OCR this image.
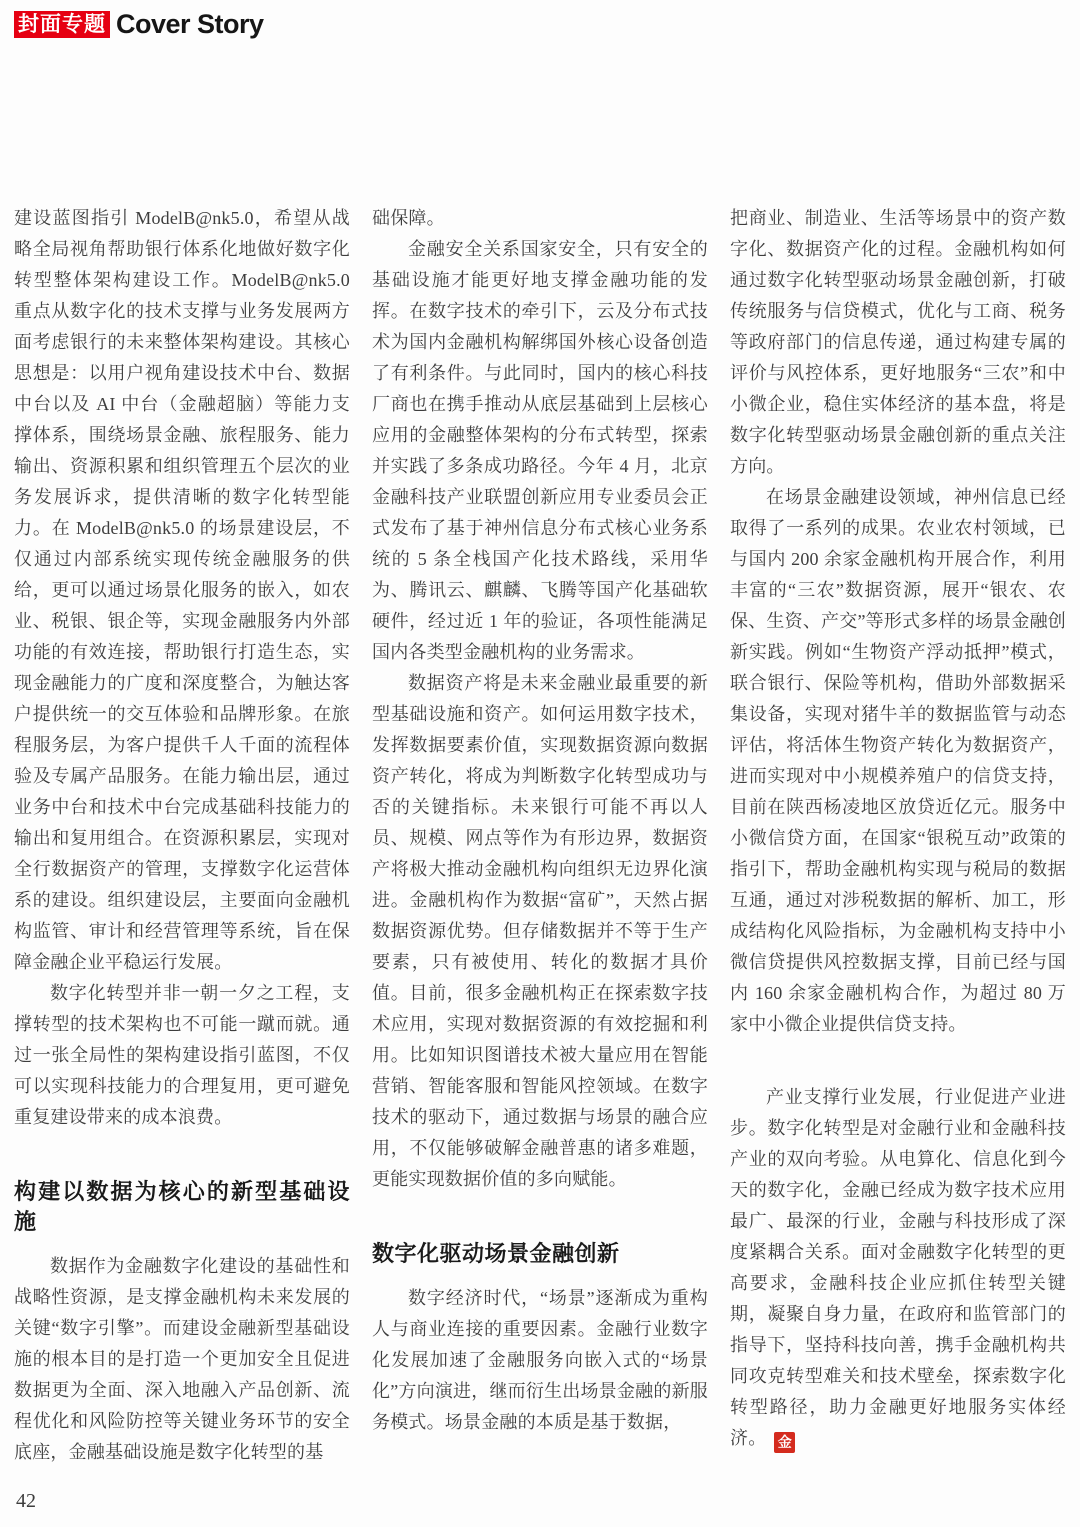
封面专题 Cover Story

建设蓝图指引 ModelB@nk5.0，希望从战略全局视角帮助银行体系化地做好数字化转型整体架构建设工作。ModelB@nk5.0 重点从数字化的技术支撑与业务发展两方面考虑银行的未来整体架构建设。其核心思想是：以用户视角建设技术中台、数据中台以及 AI 中台（金融超脑）等能力支撑体系，围绕场景金融、旅程服务、能力输出、资源积累和组织管理五个层次的业务发展诉求，提供清晰的数字化转型能力。在 ModelB@nk5.0 的场景建设层，不仅通过内部系统实现传统金融服务的供给，更可以通过场景化服务的嵌入，如农业、税银、银企等，实现金融服务内外部功能的有效连接，帮助银行打造生态，实现金融能力的广度和深度整合，为触达客户提供统一的交互体验和品牌形象。在旅程服务层，为客户提供千人千面的流程体验及专属产品服务。在能力输出层，通过业务中台和技术中台完成基础科技能力的输出和复用组合。在资源积累层，实现对全行数据资产的管理，支撑数字化运营体系的建设。组织建设层，主要面向金融机构监管、审计和经营管理等系统，旨在保障金融企业平稳运行发展。

数字化转型并非一朝一夕之工程，支撑转型的技术架构也不可能一蹴而就。通过一张全局性的架构建设指引蓝图，不仅可以实现科技能力的合理复用，更可避免重复建设带来的成本浪费。

构建以数据为核心的新型基础设施

数据作为金融数字化建设的基础性和战略性资源，是支撑金融机构未来发展的关键“数字引擎”。而建设金融新型基础设施的根本目的是打造一个更加安全且促进数据更为全面、深入地融入产品创新、流程优化和风险防控等关键业务环节的安全底座，金融基础设施是数字化转型的基

础保障。

金融安全关系国家安全，只有安全的基础设施才能更好地支撑金融功能的发挥。在数字技术的牵引下，云及分布式技术为国内金融机构解绑国外核心设备创造了有利条件。与此同时，国内的核心科技厂商也在携手推动从底层基础到上层核心应用的金融整体架构的分布式转型，探索并实践了多条成功路径。今年 4 月，北京金融科技产业联盟创新应用专业委员会正式发布了基于神州信息分布式核心业务系统的 5 条全栈国产化技术路线，采用华为、腾讯云、麒麟、飞腾等国产化基础软硬件，经过近 1 年的验证，各项性能满足国内各类型金融机构的业务需求。

数据资产将是未来金融业最重要的新型基础设施和资产。如何运用数字技术，发挥数据要素价值，实现数据资源向数据资产转化，将成为判断数字化转型成功与否的关键指标。未来银行可能不再以人员、规模、网点等作为有形边界，数据资产将极大推动金融机构向组织无边界化演进。金融机构作为数据“富矿”，天然占据数据资源优势。但存储数据并不等于生产要素，只有被使用、转化的数据才具价值。目前，很多金融机构正在探索数字技术应用，实现对数据资源的有效挖掘和利用。比如知识图谱技术被大量应用在智能营销、智能客服和智能风控领域。在数字技术的驱动下，通过数据与场景的融合应用，不仅能够破解金融普惠的诸多难题，更能实现数据价值的多向赋能。

数字化驱动场景金融创新

数字经济时代，“场景”逐渐成为重构人与商业连接的重要因素。金融行业数字化发展加速了金融服务向嵌入式的“场景化”方向演进，继而衍生出场景金融的新服务模式。场景金融的本质是基于数据，

把商业、制造业、生活等场景中的资产数字化、数据资产化的过程。金融机构如何通过数字化转型驱动场景金融创新，打破传统服务与信贷模式，优化与工商、税务等政府部门的信息传递，通过构建专属的评价与风控体系，更好地服务“三农”和中小微企业，稳住实体经济的基本盘，将是数字化转型驱动场景金融创新的重点关注方向。

在场景金融建设领域，神州信息已经取得了一系列的成果。农业农村领域，已与国内 200 余家金融机构开展合作，利用丰富的“三农”数据资源，展开“银农、农保、生资、产交”等形式多样的场景金融创新实践。例如“生物资产浮动抵押”模式，联合银行、保险等机构，借助外部数据采集设备，实现对猪牛羊的数据监管与动态评估，将活体生物资产转化为数据资产，进而实现对中小规模养殖户的信贷支持，目前在陕西杨凌地区放贷近亿元。服务中小微信贷方面，在国家“银税互动”政策的指引下，帮助金融机构实现与税局的数据互通，通过对涉税数据的解析、加工，形成结构化风险指标，为金融机构支持中小微信贷提供风控数据支撑，目前已经与国内 160 余家金融机构合作，为超过 80 万家中小微企业提供信贷支持。

产业支撑行业发展，行业促进产业进步。数字化转型是对金融行业和金融科技产业的双向考验。从电算化、信息化到今天的数字化，金融已经成为数字技术应用最广、最深的行业，金融与科技形成了深度紧耦合关系。面对金融数字化转型的更高要求，金融科技企业应抓住转型关键期，凝聚自身力量，在政府和监管部门的指导下，坚持科技向善，携手金融机构共同攻克转型难关和技术壁垒，探索数字化转型路径，助力金融更好地服务实体经济。 金

42
